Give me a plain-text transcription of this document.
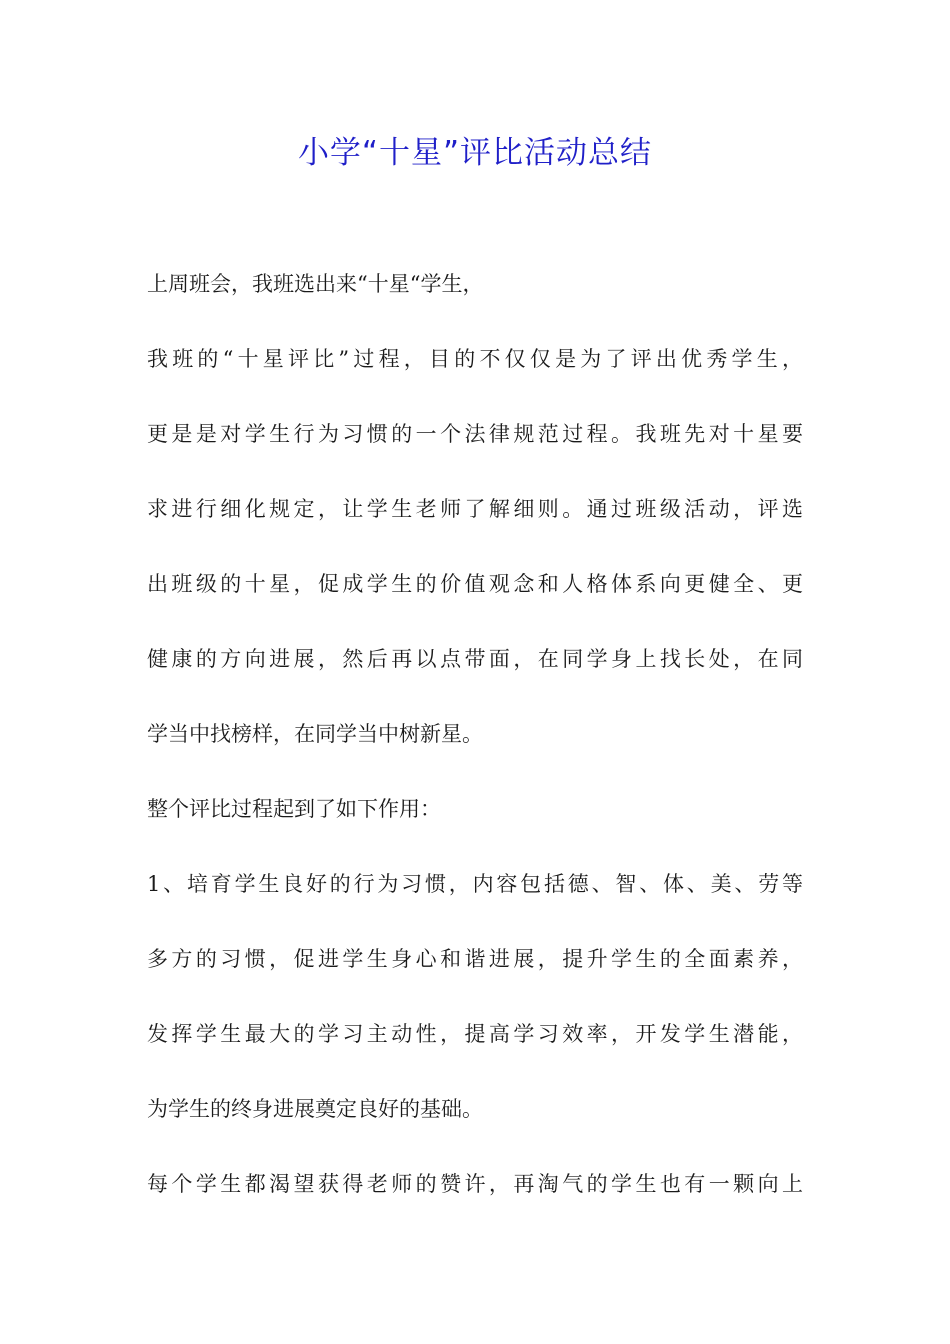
小学“十星”评比活动总结
上周班会，我班选出来“十星“学生，
我班的“十星评比”过程，目的不仅仅是为了评出优秀学生，
更是是对学生行为习惯的一个法律规范过程。我班先对十星要
求进行细化规定，让学生老师了解细则。通过班级活动，评选
出班级的十星，促成学生的价值观念和人格体系向更健全、更
健康的方向进展，然后再以点带面，在同学身上找长处，在同
学当中找榜样，在同学当中树新星。
整个评比过程起到了如下作用：
1、培育学生良好的行为习惯，内容包括德、智、体、美、劳等
多方的习惯，促进学生身心和谐进展，提升学生的全面素养，
发挥学生最大的学习主动性，提高学习效率，开发学生潜能，
为学生的终身进展奠定良好的基础。
每个学生都渴望获得老师的赞许，再淘气的学生也有一颗向上
